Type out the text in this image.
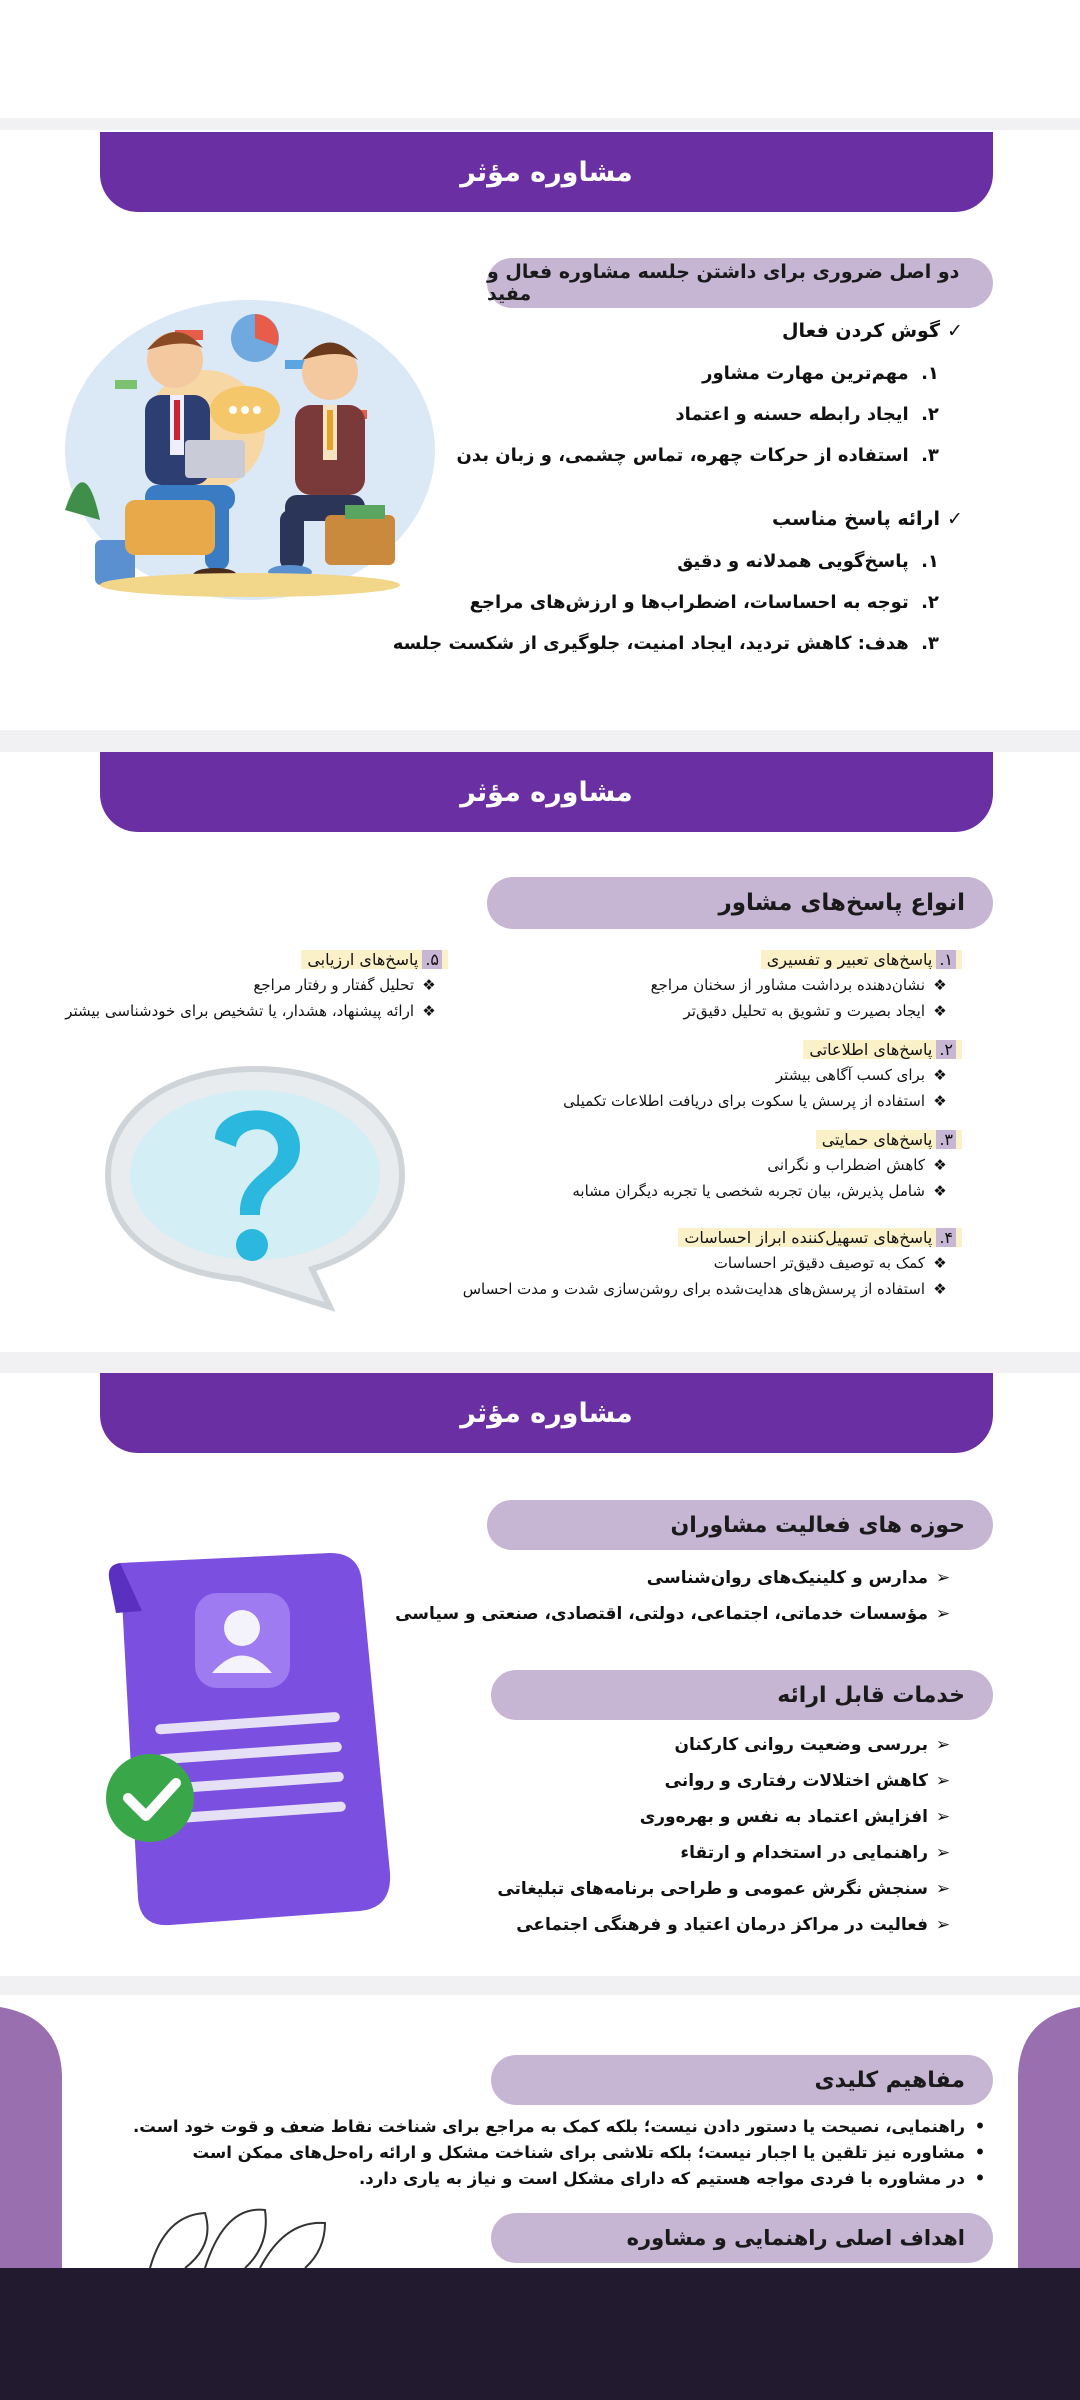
مشاوره مؤثر
دو اصل ضروری برای داشتن جلسه مشاوره فعال و مفید
✓گوش کردن فعال
۱. مهم‌ترین مهارت مشاور
۲. ایجاد رابطه حسنه و اعتماد
۳. استفاده از حرکات چهره، تماس چشمی، و زبان بدن
✓ارائه پاسخ مناسب
۱. پاسخ‌گویی همدلانه و دقیق
۲. توجه به احساسات، اضطراب‌ها و ارزش‌های مراجع
۳. هدف: کاهش تردید، ایجاد امنیت، جلوگیری از شکست جلسه
مشاوره مؤثر
انواع پاسخ‌های مشاور
۱.پاسخ‌های تعبیر و تفسیری
❖نشان‌دهنده برداشت مشاور از سخنان مراجع
❖ایجاد بصیرت و تشویق به تحلیل دقیق‌تر
۲.پاسخ‌های اطلاعاتی
❖برای کسب آگاهی بیشتر
❖استفاده از پرسش یا سکوت برای دریافت اطلاعات تکمیلی
۳.پاسخ‌های حمایتی
❖کاهش اضطراب و نگرانی
❖شامل پذیرش، بیان تجربه شخصی یا تجربه دیگران مشابه
۴.پاسخ‌های تسهیل‌کننده ابراز احساسات
❖کمک به توصیف دقیق‌تر احساسات
❖استفاده از پرسش‌های هدایت‌شده برای روشن‌سازی شدت و مدت احساس
۵.پاسخ‌های ارزیابی
❖تحلیل گفتار و رفتار مراجع
❖ارائه پیشنهاد، هشدار، یا تشخیص برای خودشناسی بیشتر
مشاوره مؤثر
حوزه های فعالیت مشاوران
➢مدارس و کلینیک‌های روان‌شناسی
➢مؤسسات خدماتی، اجتماعی، دولتی، اقتصادی، صنعتی و سیاسی
خدمات قابل ارائه
➢بررسی وضعیت روانی کارکنان
➢کاهش اختلالات رفتاری و روانی
➢افزایش اعتماد به نفس و بهره‌وری
➢راهنمایی در استخدام و ارتقاء
➢سنجش نگرش عمومی و طراحی برنامه‌های تبلیغاتی
➢فعالیت در مراکز درمان اعتیاد و فرهنگی اجتماعی
مفاهیم کلیدی
•راهنمایی، نصیحت یا دستور دادن نیست؛ بلکه کمک به مراجع برای شناخت نقاط ضعف و قوت خود است.
•مشاوره نیز تلقین یا اجبار نیست؛ بلکه تلاشی برای شناخت مشکل و ارائه راه‌حل‌های ممکن است
•در مشاوره با فردی مواجه هستیم که دارای مشکل است و نیاز به یاری دارد.
اهداف اصلی راهنمایی و مشاوره
